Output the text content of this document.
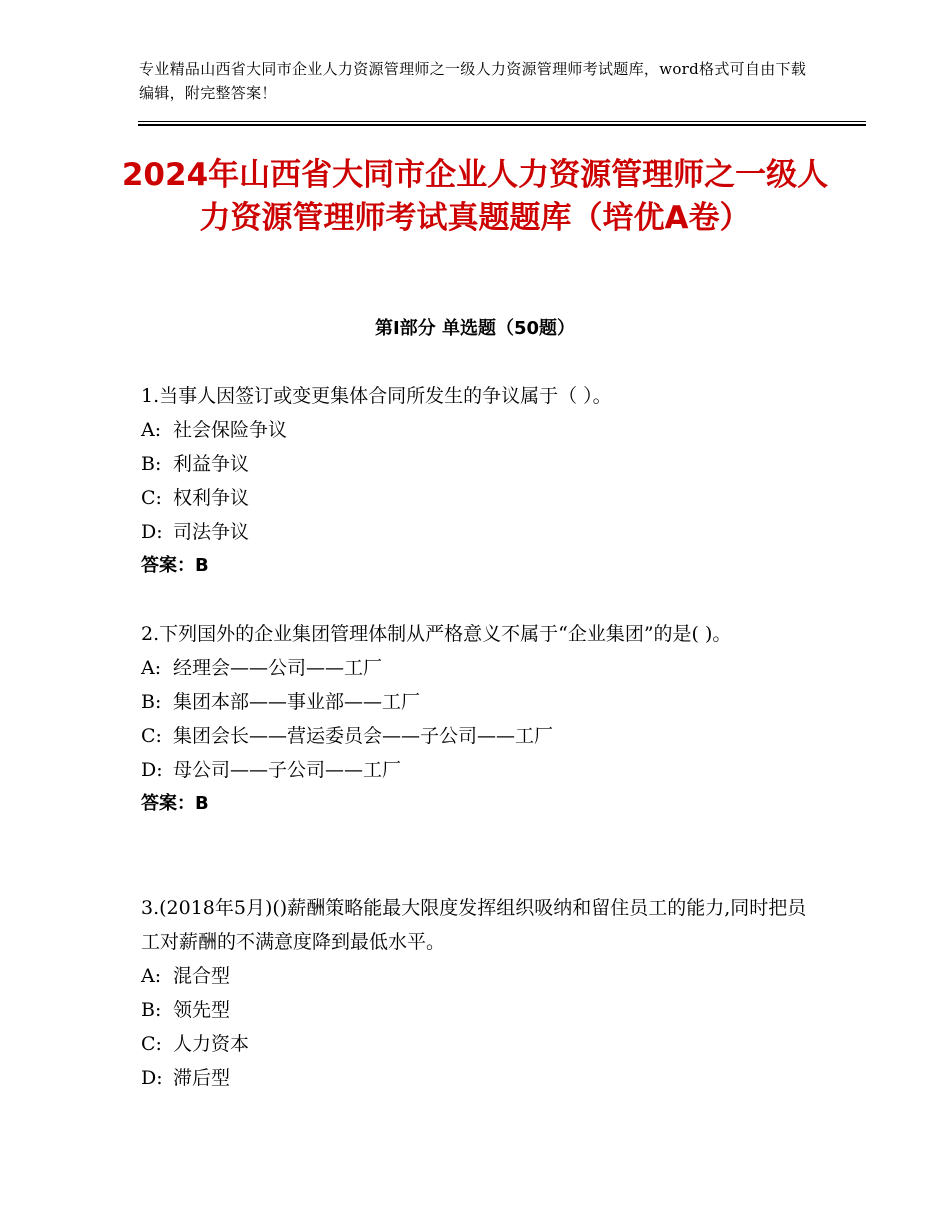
专业精品山西省大同市企业人力资源管理师之一级人力资源管理师考试题库，word格式可自由下载编辑，附完整答案！
2024年山西省大同市企业人力资源管理师之一级人力资源管理师考试真题题库（培优A卷）
第Ⅰ部分 单选题（50题）

1.当事人因签订或变更集体合同所发生的争议属于（ ）。

A: 社会保险争议

B: 利益争议

C: 权利争议

D: 司法争议

答案：B

2.下列国外的企业集团管理体制从严格意义不属于“企业集团”的是( )。

A: 经理会——公司——工厂

B: 集团本部——事业部——工厂

C: 集团会长——营运委员会——子公司——工厂

D: 母公司——子公司——工厂

答案：B

3.(2018年5月)()薪酬策略能最大限度发挥组织吸纳和留住员工的能力,同时把员工对薪酬的不满意度降到最低水平。

A: 混合型

B: 领先型

C: 人力资本

D: 滞后型
